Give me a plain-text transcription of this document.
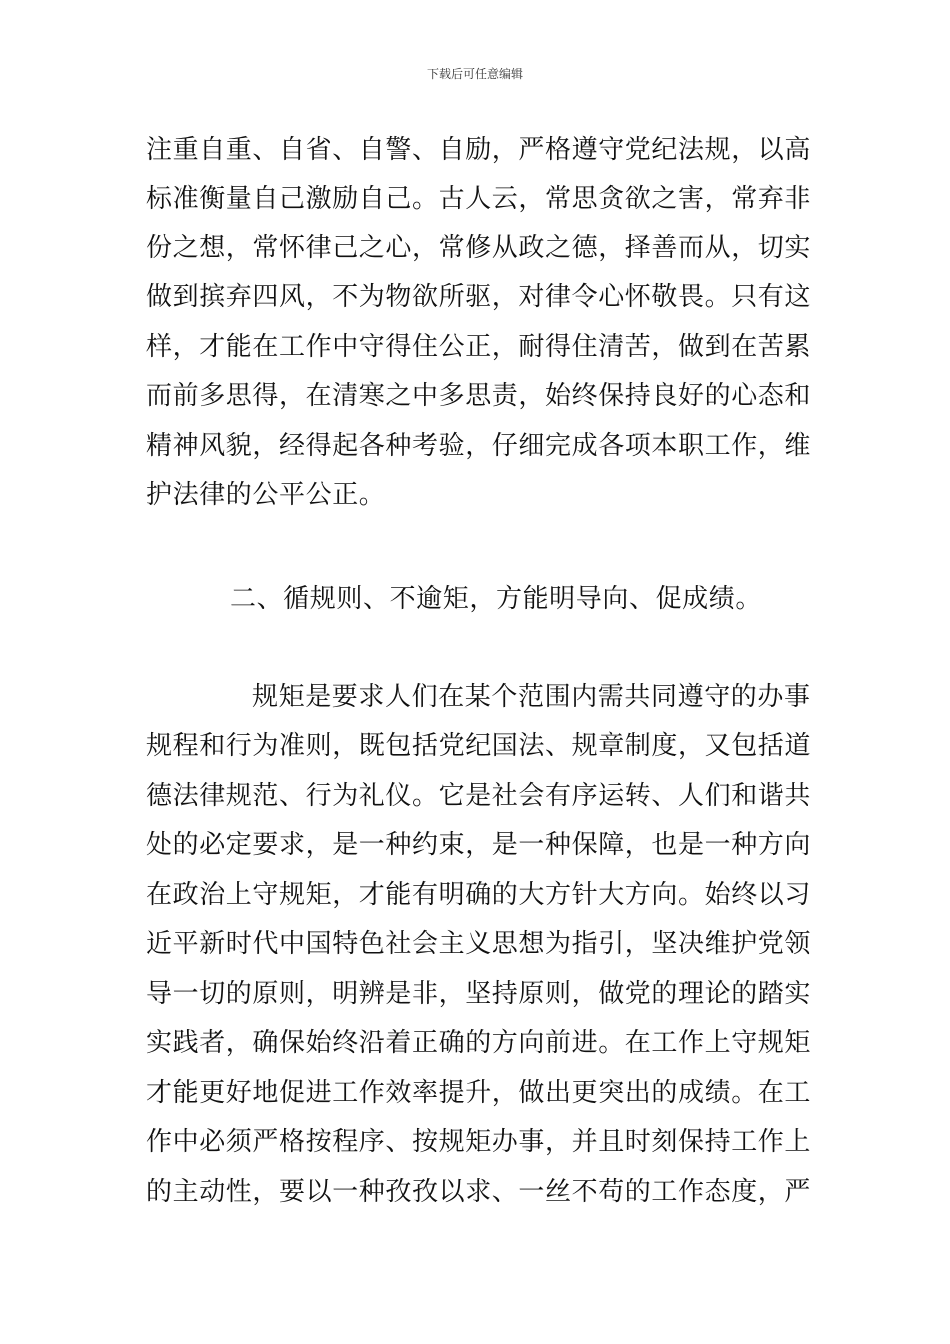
下载后可任意编辑
注重自重、自省、自警、自励，严格遵守党纪法规，以高
标准衡量自己激励自己。古人云，常思贪欲之害，常弃非
份之想，常怀律己之心，常修从政之德，择善而从，切实
做到摈弃四风，不为物欲所驱，对律令心怀敬畏。只有这
样，才能在工作中守得住公正，耐得住清苦，做到在苦累
而前多思得，在清寒之中多思责，始终保持良好的心态和
精神风貌，经得起各种考验，仔细完成各项本职工作，维
护法律的公平公正。
二、循规则、不逾矩，方能明导向、促成绩。
规矩是要求人们在某个范围内需共同遵守的办事
规程和行为准则，既包括党纪国法、规章制度，又包括道
德法律规范、行为礼仪。它是社会有序运转、人们和谐共
处的必定要求，是一种约束，是一种保障，也是一种方向
在政治上守规矩，才能有明确的大方针大方向。始终以习
近平新时代中国特色社会主义思想为指引，坚决维护党领
导一切的原则，明辨是非，坚持原则，做党的理论的踏实
实践者，确保始终沿着正确的方向前进。在工作上守规矩
才能更好地促进工作效率提升，做出更突出的成绩。在工
作中必须严格按程序、按规矩办事，并且时刻保持工作上
的主动性，要以一种孜孜以求、一丝不苟的工作态度，严
